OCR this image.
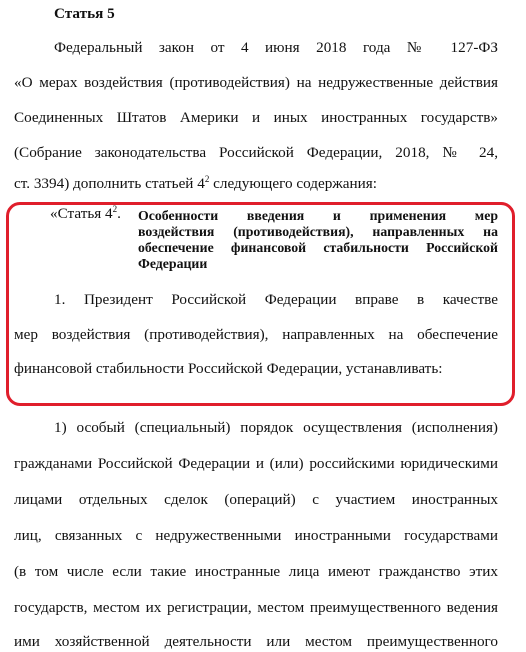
Статья 5
Федеральный закон от 4 июня 2018 года № 127-ФЗ
«О мерах воздействия (противодействия) на недружественные действия
Соединенных Штатов Америки и иных иностранных государств»
(Собрание законодательства Российской Федерации, 2018, № 24,
ст. 3394) дополнить статьей $4^2$ следующего содержания:
«Статья $4^2$. Особенности введения и применения мер
воздействия (противодействия), направленных на
обеспечение финансовой стабильности Российской
Федерации
1. Президент Российской Федерации вправе в качестве
мер воздействия (противодействия), направленных на обеспечение
финансовой стабильности Российской Федерации, устанавливать:
1) особый (специальный) порядок осуществления (исполнения)
гражданами Российской Федерации и (или) российскими юридическими
лицами отдельных сделок (операций) с участием иностранных
лиц, связанных с недружественными иностранными государствами
(в том числе если такие иностранные лица имеют гражданство этих
государств, местом их регистрации, местом преимущественного ведения
ими хозяйственной деятельности или местом преимущественного
